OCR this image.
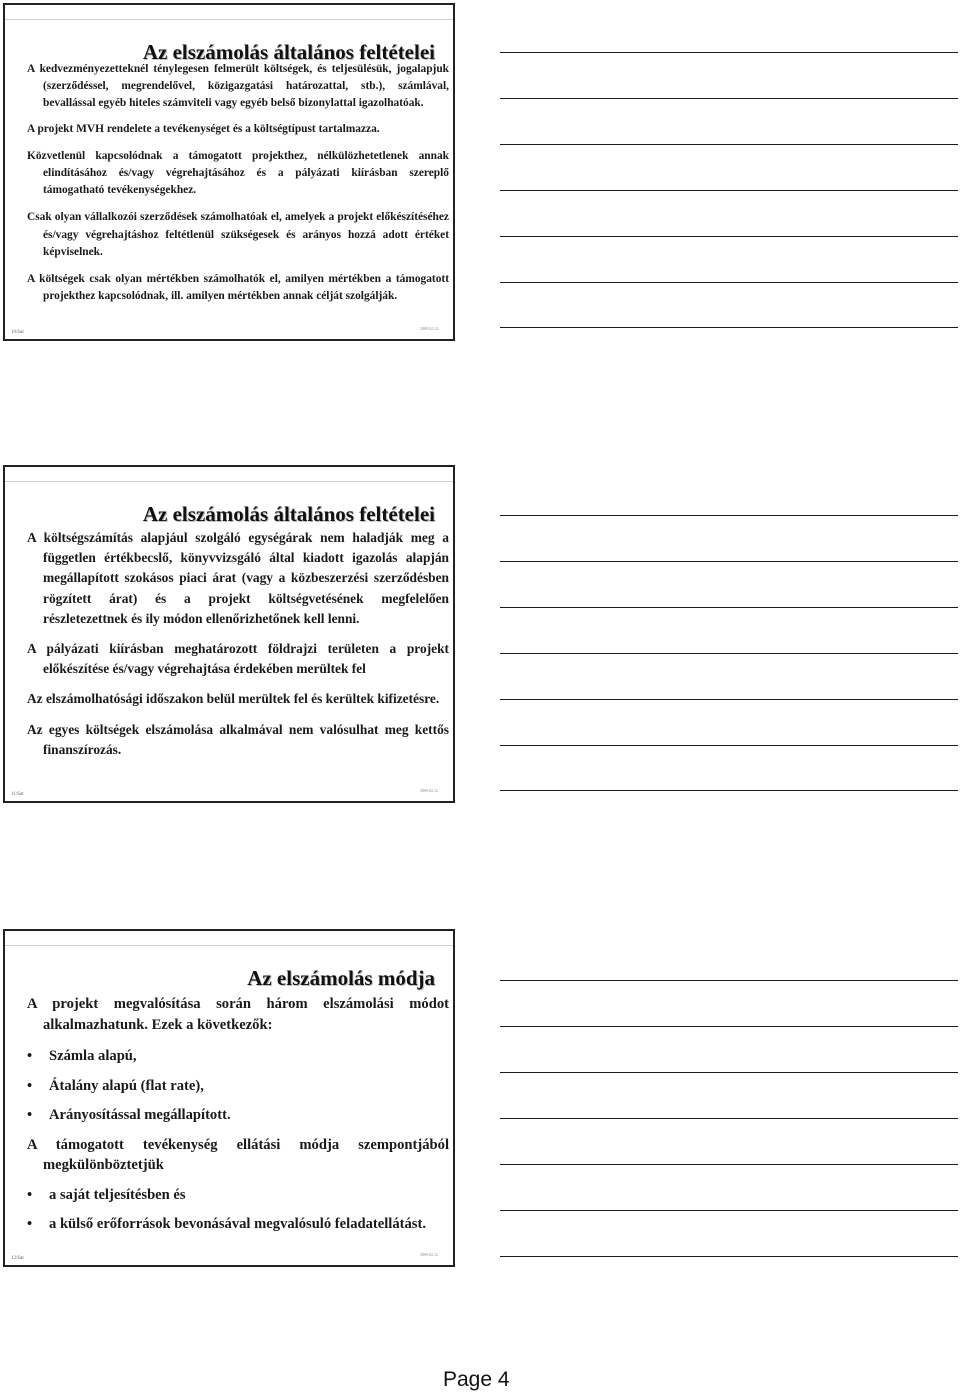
Az elszámolás általános feltételei

A kedvezményezetteknél ténylegesen felmerült költségek, és teljesülésük, jogalapjuk (szerződéssel, megrendelővel, közigazgatási határozattal, stb.), számlával, bevallással egyéb hiteles számviteli vagy egyéb belső bizonylattal igazolhatóak.

A projekt MVH rendelete a tevékenységet és a költségtípust tartalmazza.

Közvetlenül kapcsolódnak a támogatott projekthez, nélkülözhetetlenek annak elindításához és/vagy végrehajtásához és a pályázati kiírásban szereplő támogatható tevékenységekhez.

Csak olyan vállalkozói szerződések számolhatóak el, amelyek a projekt előkészítéséhez és/vagy végrehajtáshoz feltétlenül szükségesek és arányos hozzá adott értéket képviselnek.

A költségek csak olyan mértékben számolhatók el, amilyen mértékben a támogatott projekthez kapcsolódnak, ill. amilyen mértékben annak célját szolgálják.

10/Sat
2009.02.12.
Az elszámolás általános feltételei

A költségszámítás alapjául szolgáló egységárak nem haladják meg a független értékbecslő, könyvvizsgáló által kiadott igazolás alapján megállapított szokásos piaci árat (vagy a közbeszerzési szerződésben rögzített árat) és a projekt költségvetésének megfelelően részletezettnek és ily módon ellenőrizhetőnek kell lenni.

A pályázati kiírásban meghatározott földrajzi területen a projekt előkészítése és/vagy végrehajtása érdekében merültek fel

Az elszámolhatósági időszakon belül merültek fel és kerültek kifizetésre.

Az egyes költségek elszámolása alkalmával nem valósulhat meg kettős finanszírozás.

11/Sat
2009.02.12.
Az elszámolás módja

A projekt megvalósítása során három elszámolási módot alkalmazhatunk. Ezek a következők:

• Számla alapú,

• Átalány alapú (flat rate),

• Arányosítással megállapított.

A támogatott tevékenység ellátási módja szempontjából megkülönböztetjük

• a saját teljesítésben és

• a külső erőforrások bevonásával megvalósuló feladatellátást.

12/Sat
2009.02.12.
Page 4
